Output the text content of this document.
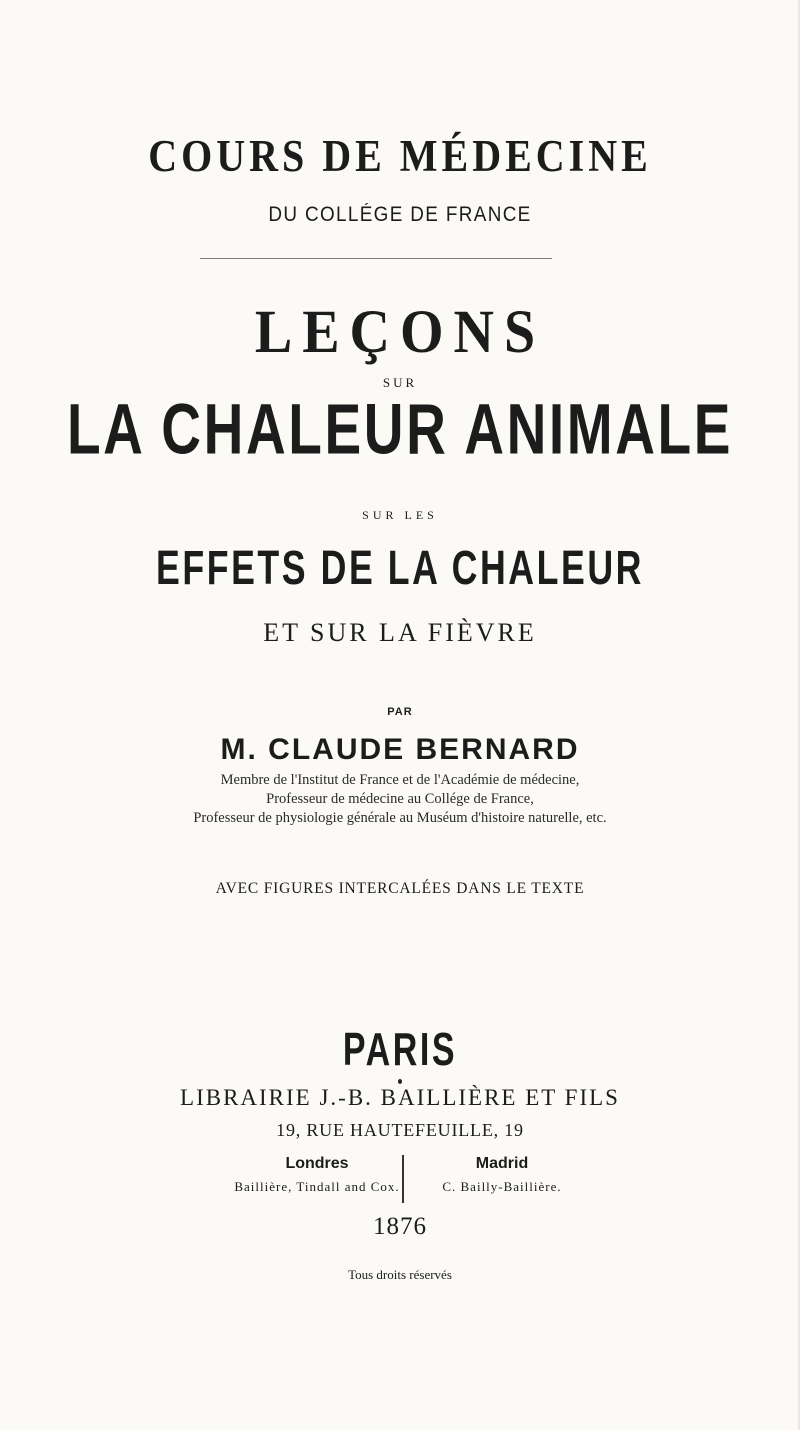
COURS DE MÉDECINE
DU COLLÉGE DE FRANCE
LEÇONS
SUR
LA CHALEUR ANIMALE
SUR LES
EFFETS DE LA CHALEUR
ET SUR LA FIÈVRE
PAR
M. CLAUDE BERNARD
Membre de l'Institut de France et de l'Académie de médecine,
Professeur de médecine au Collége de France,
Professeur de physiologie générale au Muséum d'histoire naturelle, etc.
AVEC FIGURES INTERCALÉES DANS LE TEXTE
PARIS
LIBRAIRIE J.-B. BAILLIÈRE ET FILS
19, RUE HAUTEFEUILLE, 19
Londres
Baillière, Tindall and Cox.
Madrid
C. Bailly-Baillière.
1876
Tous droits réservés
